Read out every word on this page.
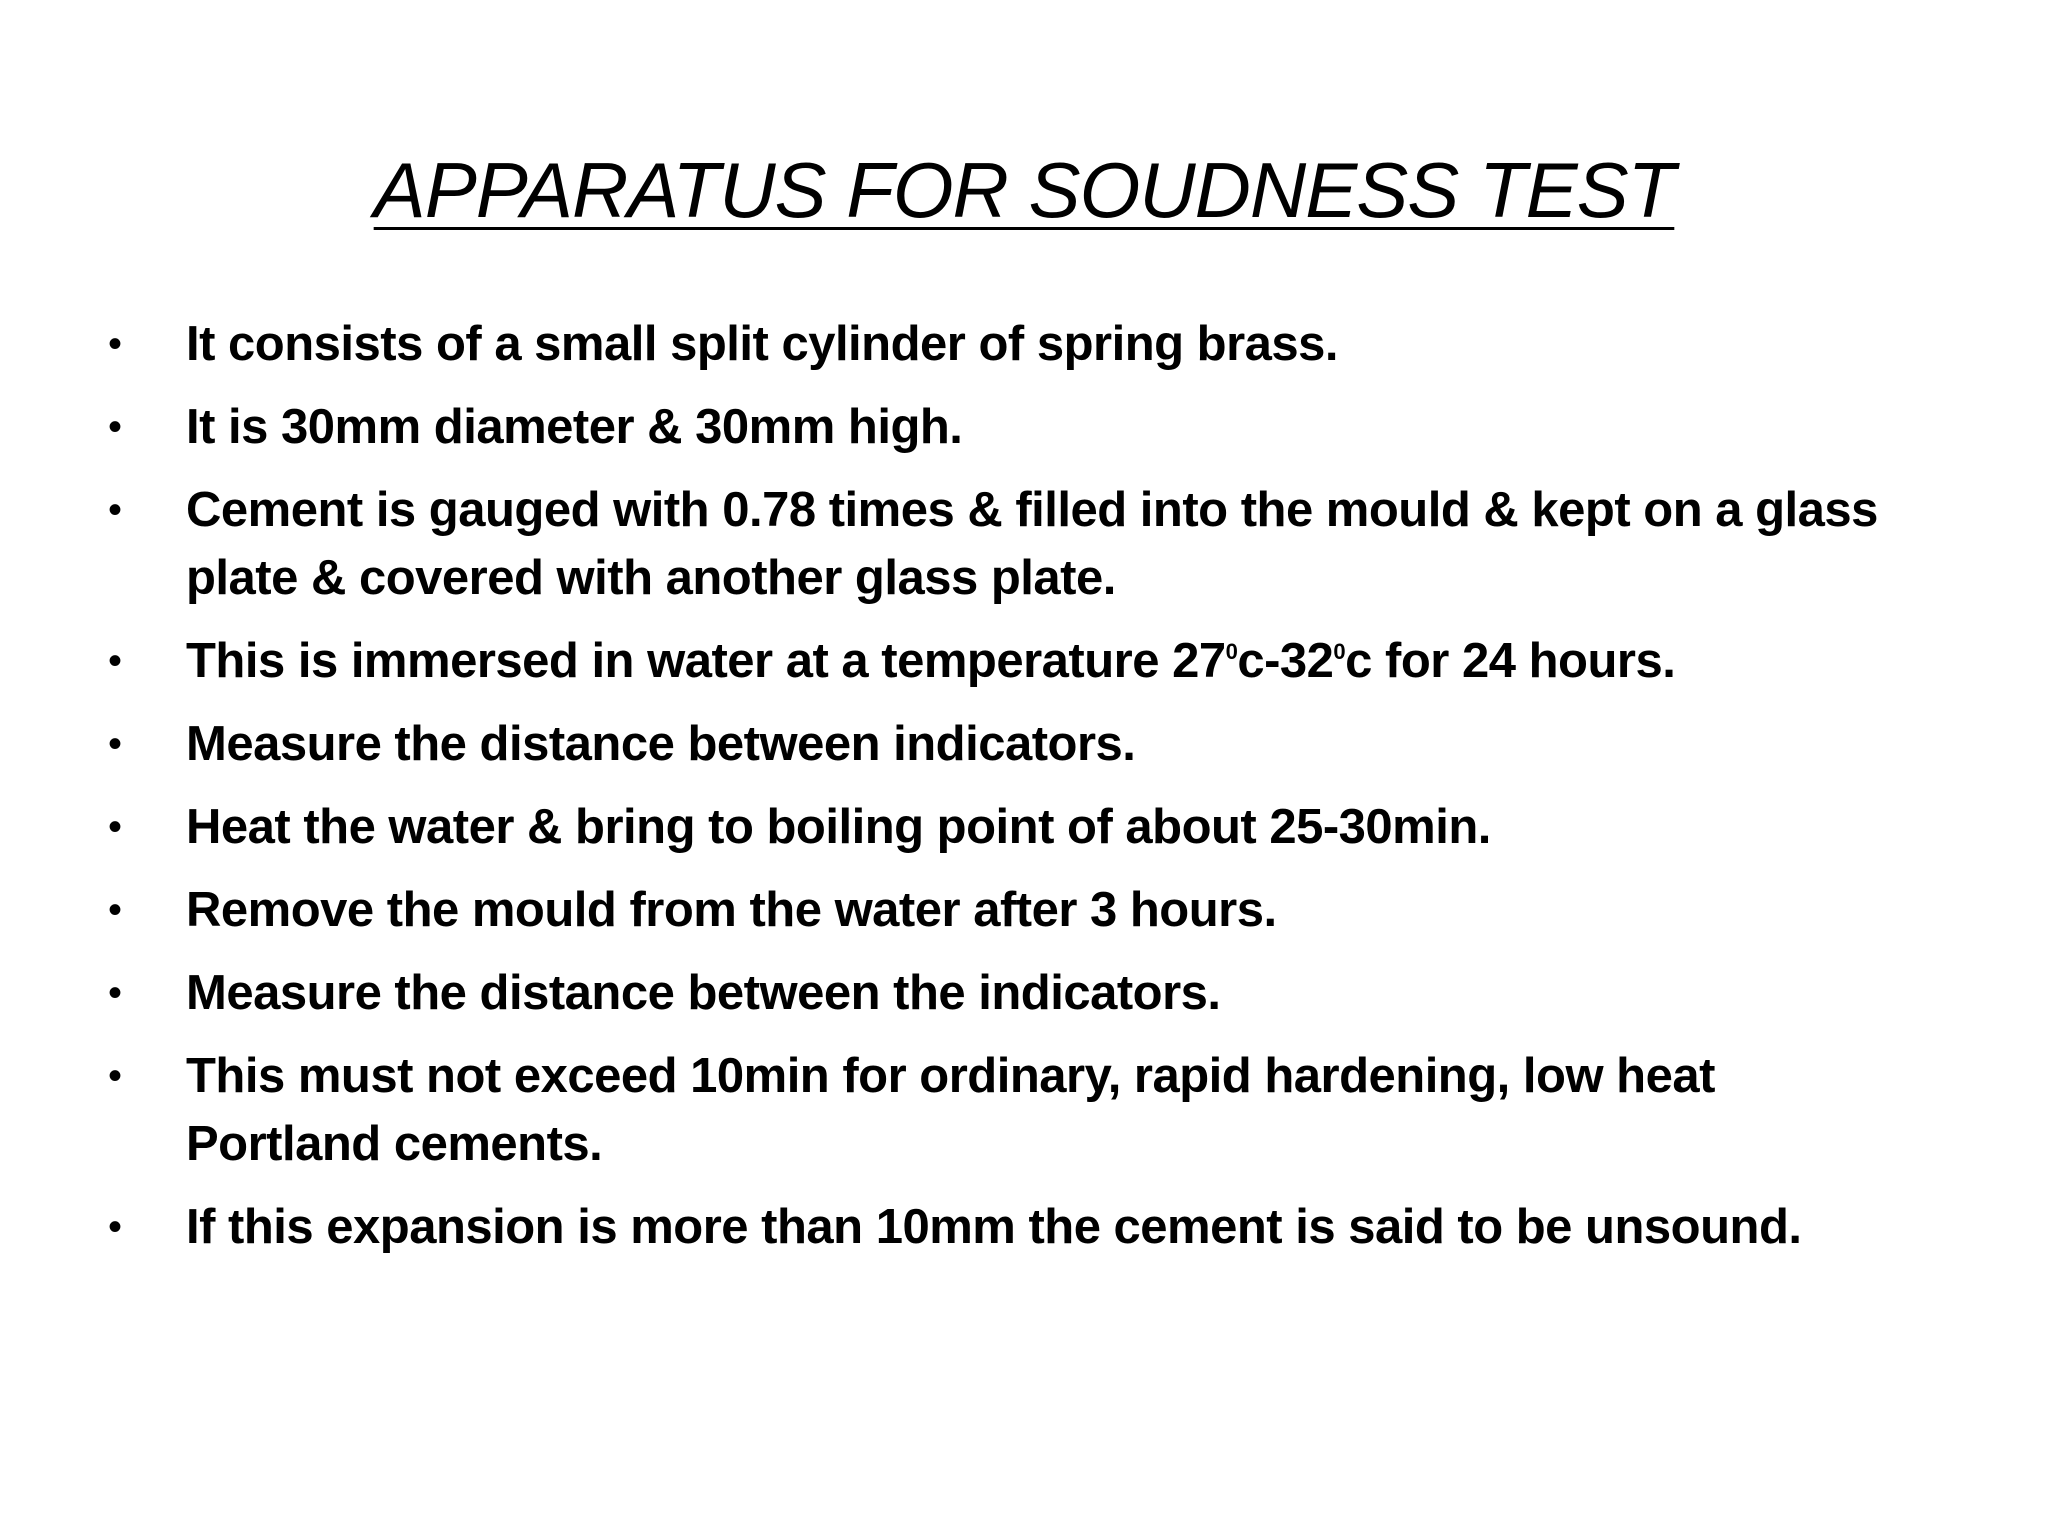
APPARATUS FOR SOUDNESS TEST
• It consists of a small split cylinder of spring brass.
• It is 30mm diameter & 30mm high.
• Cement is gauged with 0.78 times & filled into the mould & kept on a glass plate & covered with another glass plate.
• This is immersed in water at a temperature $27^0c-32^0c$ for 24 hours.
• Measure the distance between indicators.
• Heat the water & bring to boiling point of about 25-30min.
• Remove the mould from the water after 3 hours.
• Measure the distance between the indicators.
• This must not exceed 10min for ordinary, rapid hardening, low heat Portland cements.
• If this expansion is more than 10mm the cement is said to be unsound.
